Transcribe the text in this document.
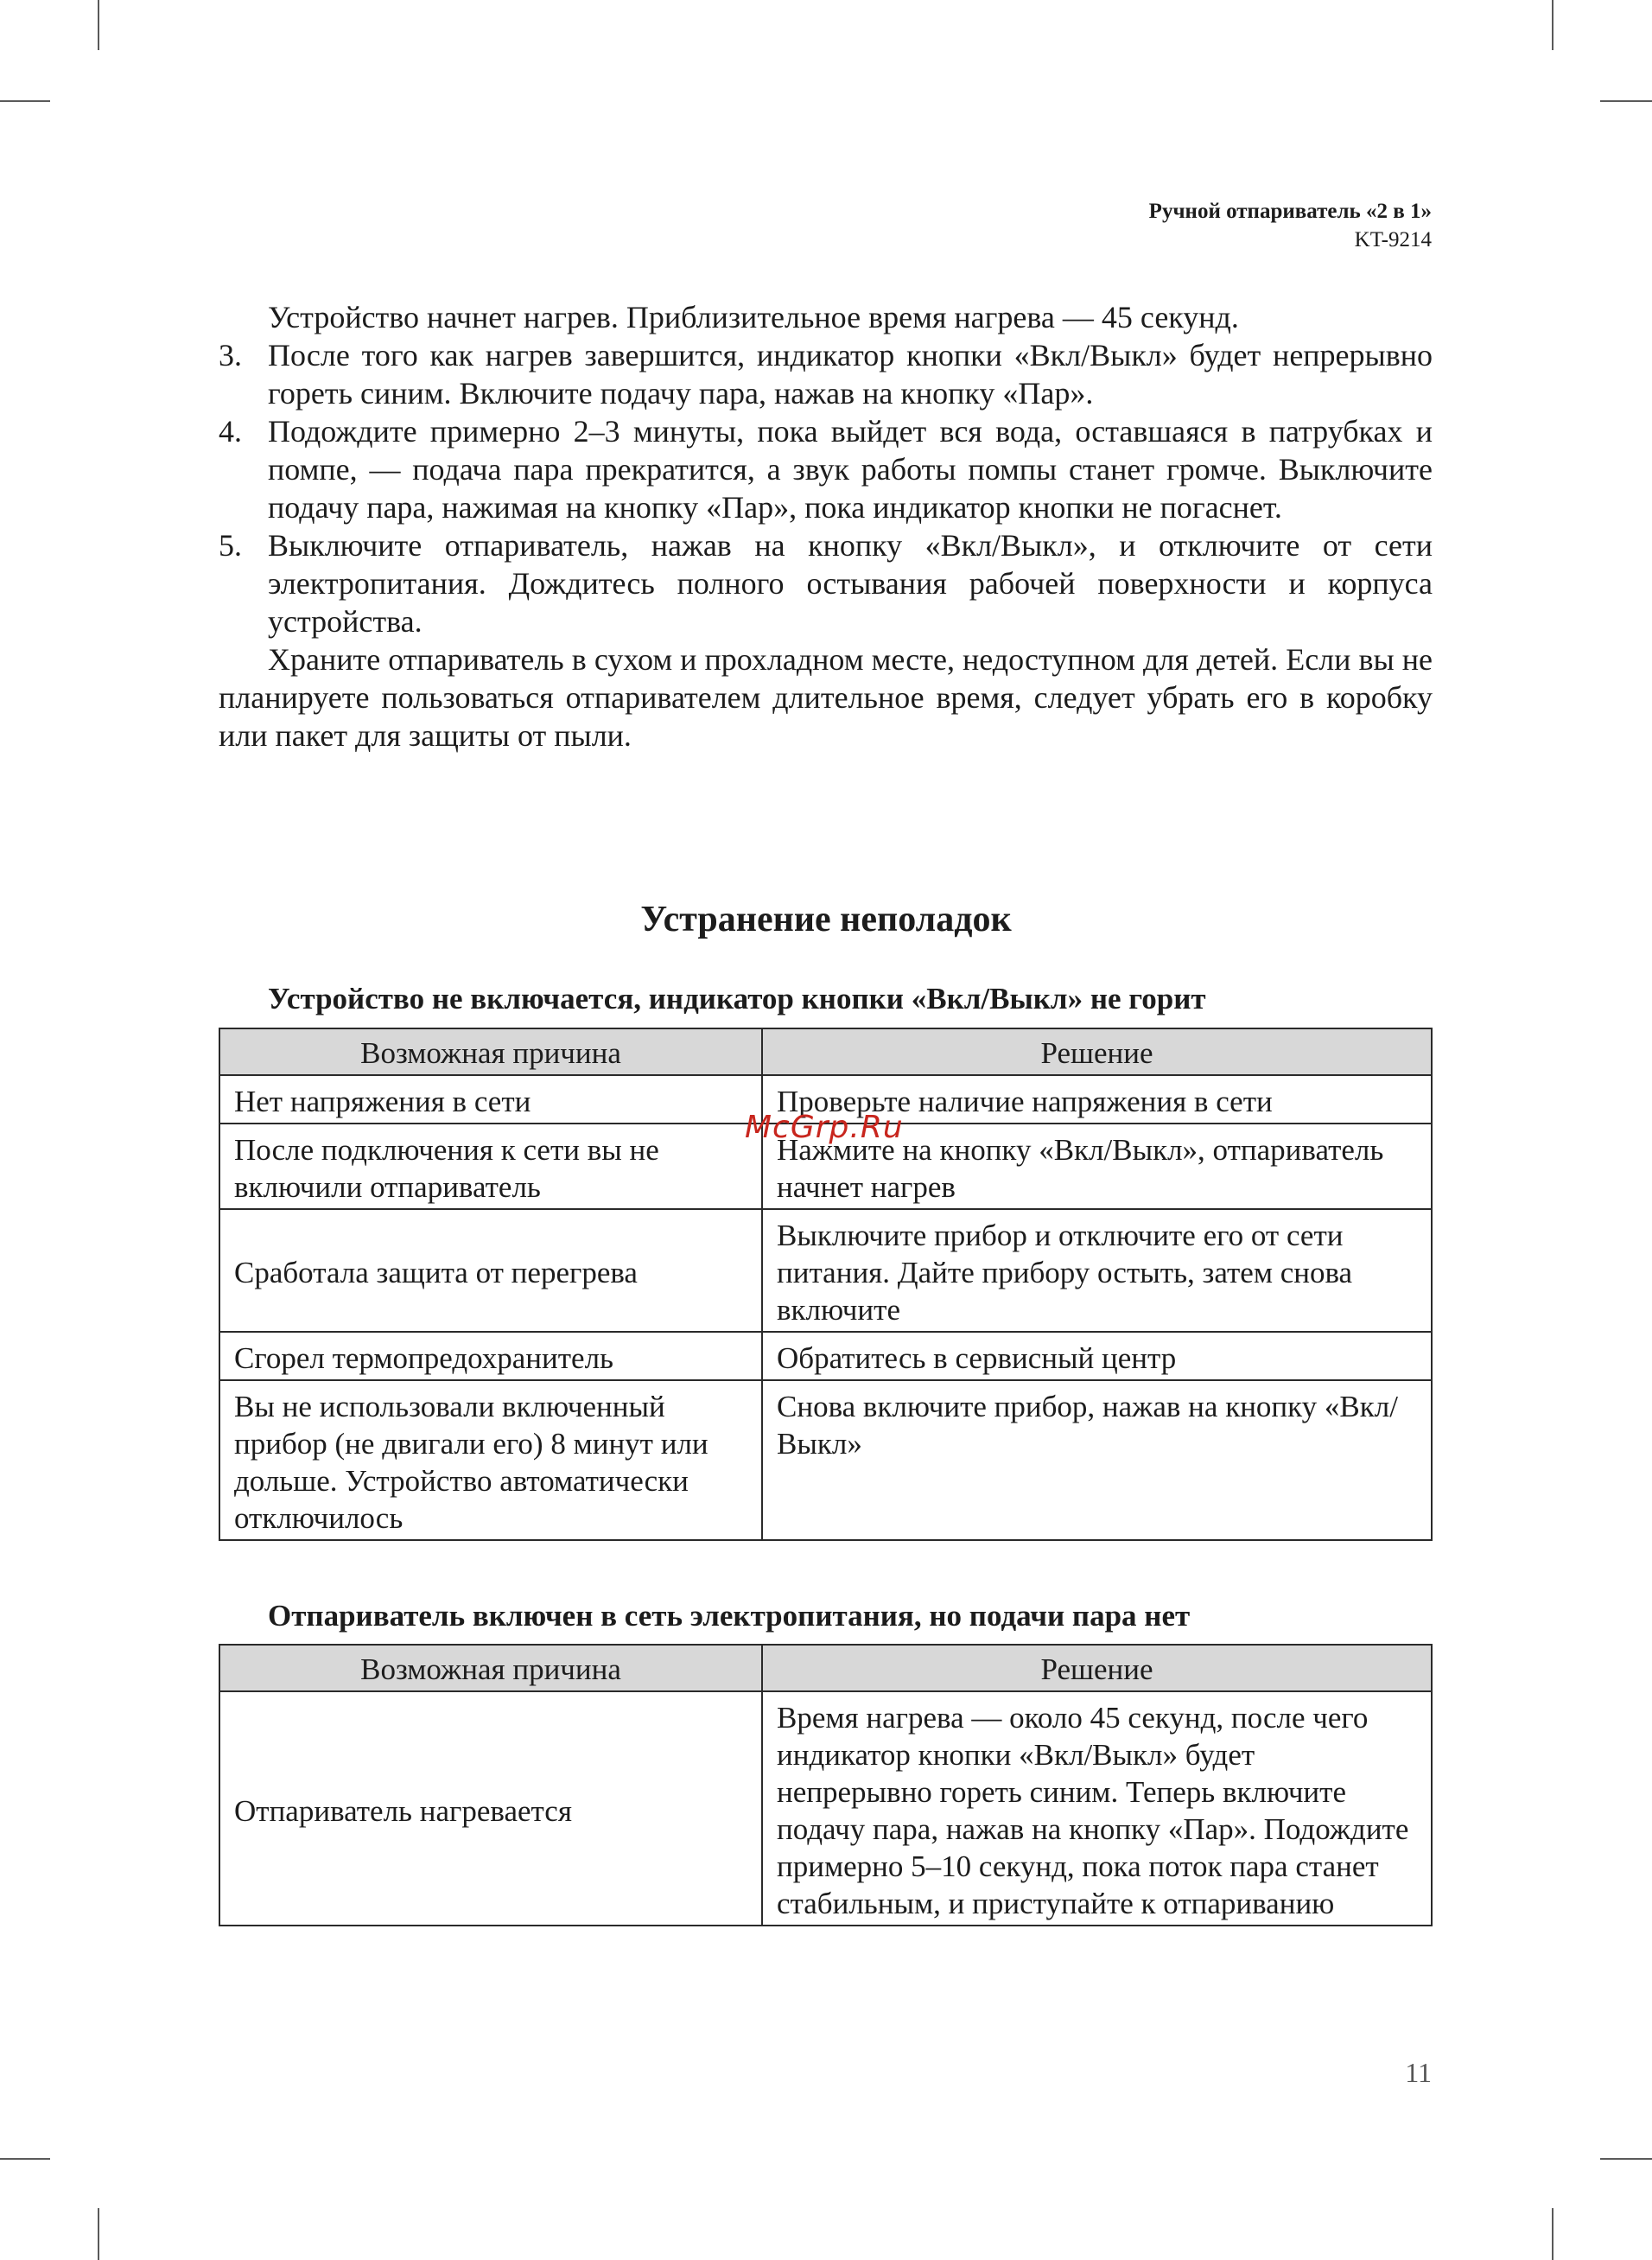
Ручной отпариватель «2 в 1»
KT-9214

Устройство начнет нагрев. Приблизительное время нагрева — 45 секунд.

3. После того как нагрев завершится, индикатор кнопки «Вкл/Выкл» будет непрерывно гореть синим. Включите подачу пара, нажав на кнопку «Пар».
4. Подождите примерно 2–3 минуты, пока выйдет вся вода, оставшаяся в патрубках и помпе, — подача пара прекратится, а звук работы помпы станет громче. Выключите подачу пара, нажимая на кнопку «Пар», пока индикатор кнопки не погаснет.
5. Выключите отпариватель, нажав на кнопку «Вкл/Выкл», и отключите от сети электропитания. Дождитесь полного остывания рабочей поверхности и корпуса устройства.

Храните отпариватель в сухом и прохладном месте, недоступном для детей. Если вы не планируете пользоваться отпаривателем длительное время, следует убрать его в коробку или пакет для защиты от пыли.

Устранение неполадок
Устройство не включается, индикатор кнопки «Вкл/Выкл» не горит
Возможная причина	Решение
Нет напряжения в сети	Проверьте наличие напряжения в сети
После подключения к сети вы не включили отпариватель	Нажмите на кнопку «Вкл/Выкл», отпариватель начнет нагрев
Сработала защита от перегрева	Выключите прибор и отключите его от сети питания. Дайте прибору остыть, затем снова включите
Сгорел термопредохранитель	Обратитесь в сервисный центр
Вы не использовали включенный прибор (не двигали его) 8 минут или дольше. Устройство автоматически отключилось	Снова включите прибор, нажав на кнопку «Вкл/Выкл»
Отпариватель включен в сеть электропитания, но подачи пара нет
Возможная причина	Решение
Отпариватель нагревается	Время нагрева — около 45 секунд, после чего индикатор кнопки «Вкл/Выкл» будет непрерывно гореть синим. Теперь включите подачу пара, нажав на кнопку «Пар». Подождите примерно 5–10 секунд, пока поток пара станет стабильным, и приступайте к отпариванию
McGrp.Ru
11
